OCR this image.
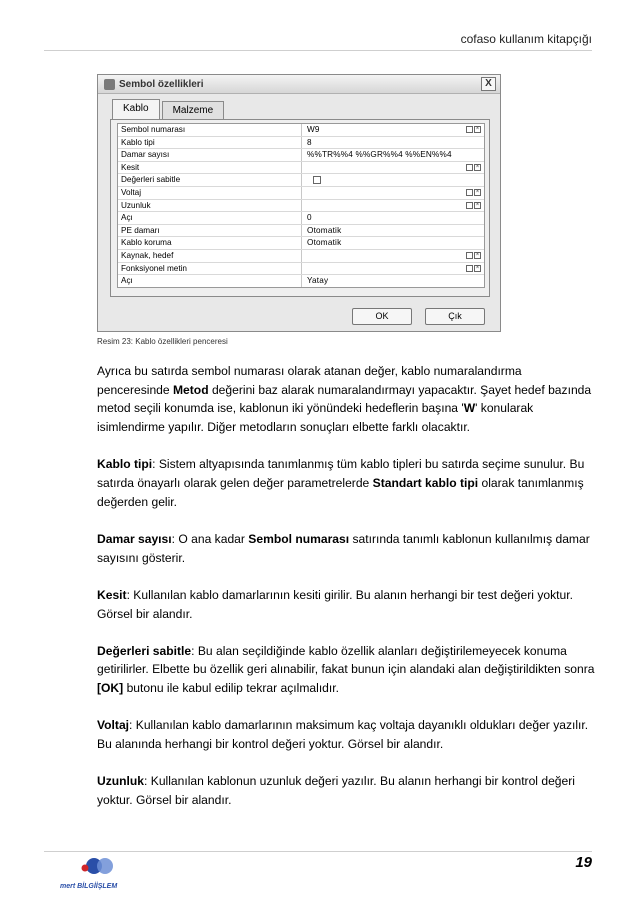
cofaso kullanım kitapçığı
Sembol özellikleri	X
Kablo	Malzeme
Sembol numarası	W9	×
Kablo tipi	8
Damar sayısı	%%TR%%4 %%GR%%4 %%EN%%4
Kesit	×
Değerleri sabitle
Voltaj	×
Uzunluk	×
Açı	0
PE damarı	Otomatik
Kablo koruma	Otomatik
Kaynak, hedef	×
Fonksiyonel metin	×
Açı	Yatay
OK	Çık
Resim 23: Kablo özellikleri penceresi

Ayrıca bu satırda sembol numarası olarak atanan değer, kablo numaralandırma penceresinde Metod değerini baz alarak numaralandırmayı yapacaktır. Şayet hedef bazında metod seçili konumda ise, kablonun iki yönündeki hedeflerin başına 'W' konularak isimlendirme yapılır. Diğer metodların sonuçları elbette farklı olacaktır.

Kablo tipi: Sistem altyapısında tanımlanmış tüm kablo tipleri bu satırda seçime sunulur. Bu satırda önayarlı olarak gelen değer parametrelerde Standart kablo tipi olarak tanımlanmış değerden gelir.

Damar sayısı: O ana kadar Sembol numarası satırında tanımlı kablonun kullanılmış damar sayısını gösterir.

Kesit: Kullanılan kablo damarlarının kesiti girilir. Bu alanın herhangi bir test değeri yoktur. Görsel bir alandır.

Değerleri sabitle: Bu alan seçildiğinde kablo özellik alanları değiştirilemeyecek konuma getirilirler. Elbette bu özellik geri alınabilir, fakat bunun için alandaki alan değiştirildikten sonra [OK] butonu ile kabul edilip tekrar açılmalıdır.

Voltaj: Kullanılan kablo damarlarının maksimum kaç voltaja dayanıklı oldukları değer yazılır. Bu alanında herhangi bir kontrol değeri yoktur. Görsel bir alandır.

Uzunluk: Kullanılan kablonun uzunluk değeri yazılır. Bu alanın herhangi bir kontrol değeri yoktur. Görsel bir alandır.

mert BİLGİİŞLEM
19
